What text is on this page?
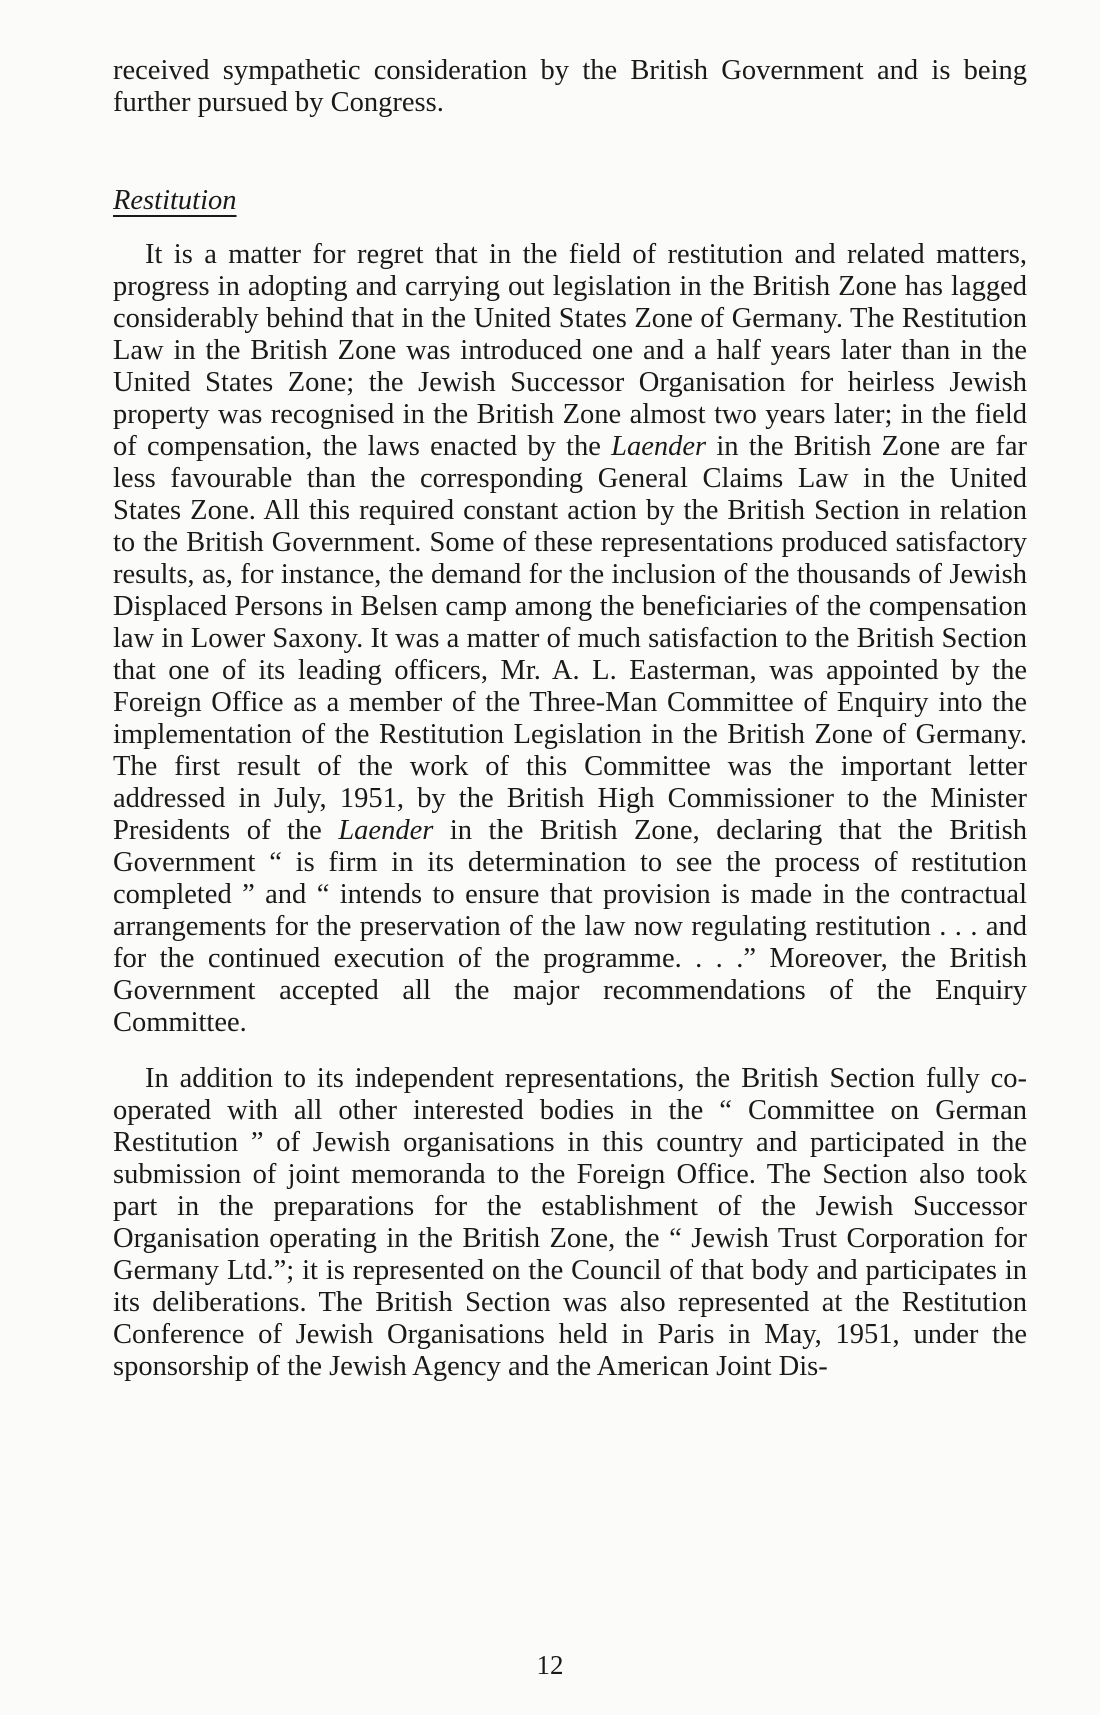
received sympathetic consideration by the British Government and is being further pursued by Congress.

Restitution

It is a matter for regret that in the field of restitution and related matters, progress in adopting and carrying out legislation in the British Zone has lagged considerably behind that in the United States Zone of Germany. The Restitution Law in the British Zone was introduced one and a half years later than in the United States Zone; the Jewish Successor Organisation for heirless Jewish property was recognised in the British Zone almost two years later; in the field of compensation, the laws enacted by the Laender in the British Zone are far less favourable than the corresponding General Claims Law in the United States Zone. All this required constant action by the British Section in relation to the British Government. Some of these representations produced satisfactory results, as, for instance, the demand for the inclusion of the thousands of Jewish Displaced Persons in Belsen camp among the beneficiaries of the compensation law in Lower Saxony. It was a matter of much satisfaction to the British Section that one of its leading officers, Mr. A. L. Easterman, was appointed by the Foreign Office as a member of the Three-Man Committee of Enquiry into the implementation of the Restitution Legislation in the British Zone of Germany. The first result of the work of this Committee was the important letter addressed in July, 1951, by the British High Commissioner to the Minister Presidents of the Laender in the British Zone, declaring that the British Government “ is firm in its determination to see the process of restitution completed ” and “ intends to ensure that provision is made in the contractual arrangements for the preservation of the law now regulating restitution . . . and for the continued execution of the programme. . . .” Moreover, the British Government accepted all the major recommendations of the Enquiry Committee.

In addition to its independent representations, the British Section fully co-operated with all other interested bodies in the “ Committee on German Restitution ” of Jewish organisations in this country and participated in the submission of joint memoranda to the Foreign Office. The Section also took part in the preparations for the establishment of the Jewish Successor Organisation operating in the British Zone, the “ Jewish Trust Corporation for Germany Ltd.”; it is represented on the Council of that body and participates in its deliberations. The British Section was also represented at the Restitution Conference of Jewish Organisations held in Paris in May, 1951, under the sponsorship of the Jewish Agency and the American Joint Dis-

12
